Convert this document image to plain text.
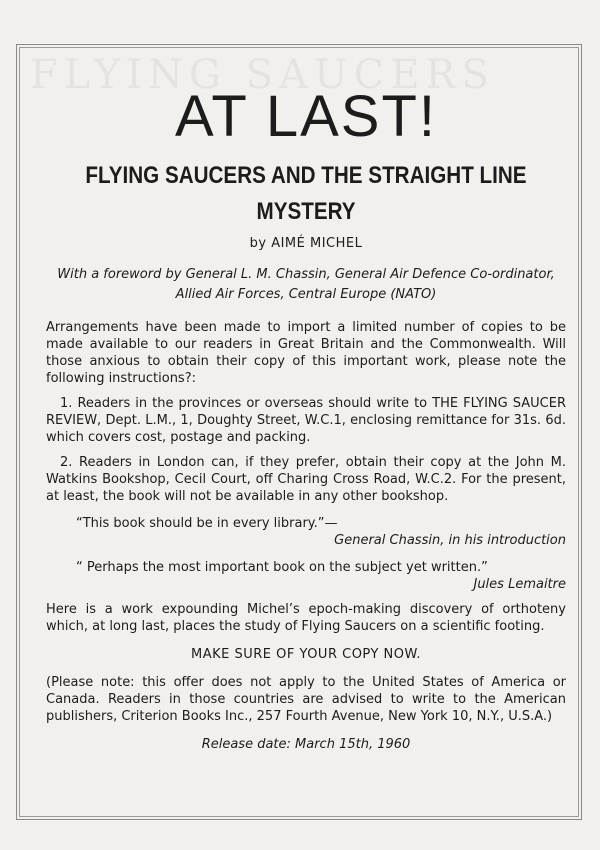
FLYING SAUCERS
AT LAST!
FLYING SAUCERS AND THE STRAIGHT LINE MYSTERY
by AIMÉ MICHEL
With a foreword by General L. M. Chassin, General Air Defence Co-ordinator, Allied Air Forces, Central Europe (NATO)

Arrangements have been made to import a limited number of copies to be made available to our readers in Great Britain and the Commonwealth. Will those anxious to obtain their copy of this important work, please note the following instructions?:

1. Readers in the provinces or overseas should write to THE FLYING SAUCER REVIEW, Dept. L.M., 1, Doughty Street, W.C.1, enclosing remittance for 31s. 6d. which covers cost, postage and packing.

2. Readers in London can, if they prefer, obtain their copy at the John M. Watkins Bookshop, Cecil Court, off Charing Cross Road, W.C.2. For the present, at least, the book will not be available in any other bookshop.

“This book should be in every library.”—
General Chassin, in his introduction
“ Perhaps the most important book on the subject yet written.”
Jules Lemaitre

Here is a work expounding Michel’s epoch-making discovery of orthoteny which, at long last, places the study of Flying Saucers on a scientific footing.

MAKE SURE OF YOUR COPY NOW.

(Please note: this offer does not apply to the United States of America or Canada. Readers in those countries are advised to write to the American publishers, Criterion Books Inc., 257 Fourth Avenue, New York 10, N.Y., U.S.A.)

Release date: March 15th, 1960
